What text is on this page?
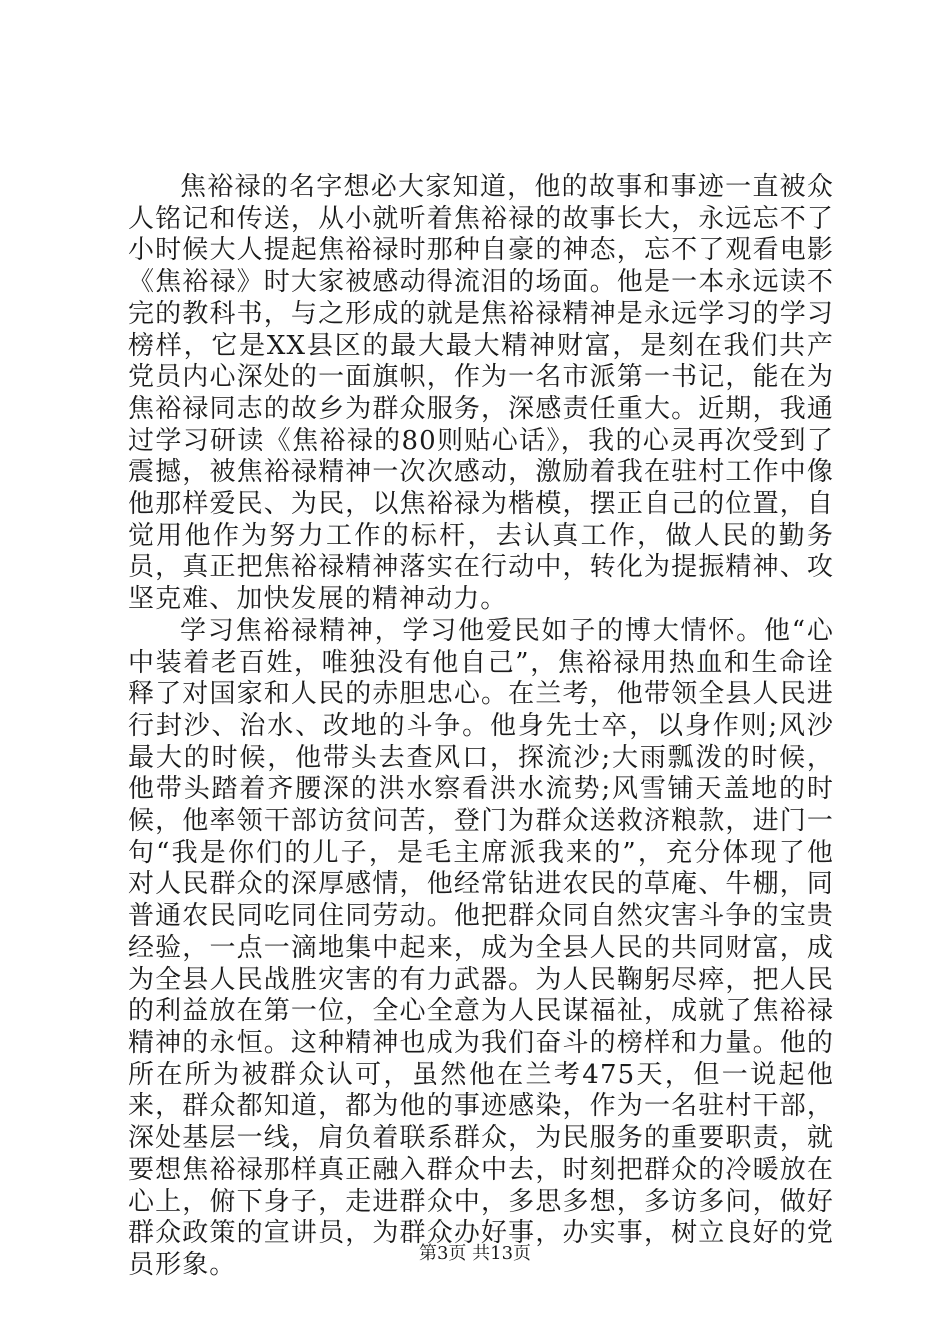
焦裕禄的名字想必大家知道，他的故事和事迹一直被众人铭记和传送，从小就听着焦裕禄的故事长大，永远忘不了小时候大人提起焦裕禄时那种自豪的神态，忘不了观看电影《焦裕禄》时大家被感动得流泪的场面。他是一本永远读不完的教科书，与之形成的就是焦裕禄精神是永远学习的学习榜样，它是XX县区的最大最大精神财富，是刻在我们共产党员内心深处的一面旗帜，作为一名市派第一书记，能在为焦裕禄同志的故乡为群众服务，深感责任重大。近期，我通过学习研读《焦裕禄的80则贴心话》，我的心灵再次受到了震撼，被焦裕禄精神一次次感动，激励着我在驻村工作中像他那样爱民、为民，以焦裕禄为楷模，摆正自己的位置，自觉用他作为努力工作的标杆，去认真工作，做人民的勤务员，真正把焦裕禄精神落实在行动中，转化为提振精神、攻坚克难、加快发展的精神动力。

学习焦裕禄精神，学习他爱民如子的博大情怀。他“心中装着老百姓，唯独没有他自己”，焦裕禄用热血和生命诠释了对国家和人民的赤胆忠心。在兰考，他带领全县人民进行封沙、治水、改地的斗争。他身先士卒，以身作则;风沙最大的时候，他带头去查风口，探流沙;大雨瓢泼的时候，他带头踏着齐腰深的洪水察看洪水流势;风雪铺天盖地的时候，他率领干部访贫问苦，登门为群众送救济粮款，进门一句“我是你们的儿子，是毛主席派我来的”，充分体现了他对人民群众的深厚感情，他经常钻进农民的草庵、牛棚，同普通农民同吃同住同劳动。他把群众同自然灾害斗争的宝贵经验，一点一滴地集中起来，成为全县人民的共同财富，成为全县人民战胜灾害的有力武器。为人民鞠躬尽瘁，把人民的利益放在第一位，全心全意为人民谋福祉，成就了焦裕禄精神的永恒。这种精神也成为我们奋斗的榜样和力量。他的所在所为被群众认可，虽然他在兰考475天，但一说起他来，群众都知道，都为他的事迹感染，作为一名驻村干部，深处基层一线，肩负着联系群众，为民服务的重要职责，就要想焦裕禄那样真正融入群众中去，时刻把群众的冷暖放在心上，俯下身子，走进群众中，多思多想，多访多问，做好群众政策的宣讲员，为群众办好事，办实事，树立良好的党员形象。	第3页 共13页
